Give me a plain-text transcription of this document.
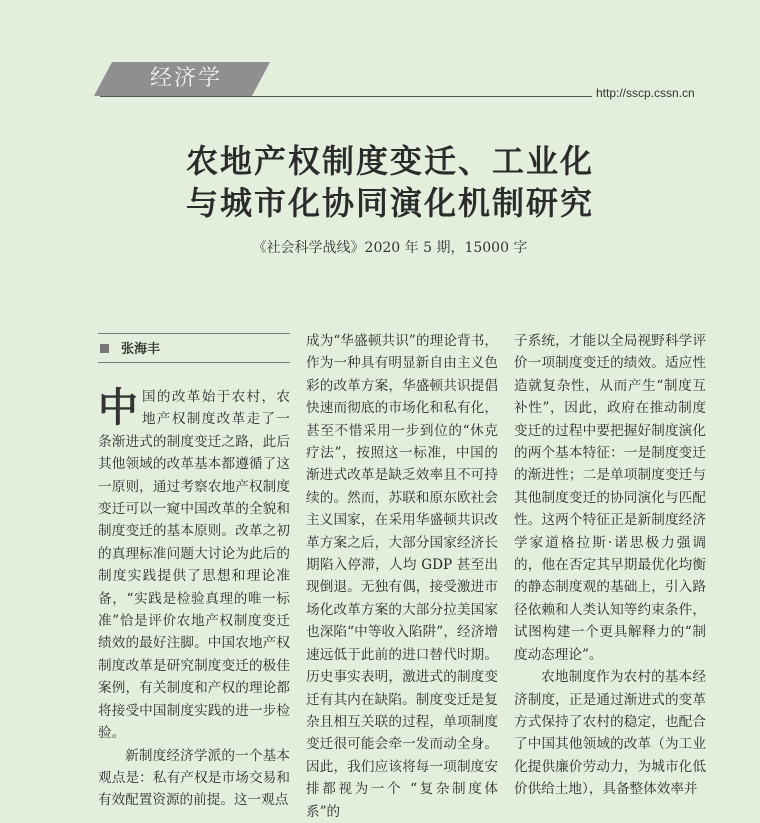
经济学
http://sscp.cssn.cn
农地产权制度变迁、工业化
与城市化协同演化机制研究
《社会科学战线》2020 年 5 期，15000 字
张海丰

中国的改革始于农村，农地产权制度改革走了一条渐进式的制度变迁之路，此后其他领域的改革基本都遵循了这一原则，通过考察农地产权制度变迁可以一窥中国改革的全貌和制度变迁的基本原则。改革之初的真理标准问题大讨论为此后的制度实践提供了思想和理论准备，“实践是检验真理的唯一标准”恰是评价农地产权制度变迁绩效的最好注脚。中国农地产权制度改革是研究制度变迁的极佳案例，有关制度和产权的理论都将接受中国制度实践的进一步检验。

新制度经济学派的一个基本观点是：私有产权是市场交易和有效配置资源的前提。这一观点

成为“华盛顿共识”的理论背书，作为一种具有明显新自由主义色彩的改革方案，华盛顿共识提倡快速而彻底的市场化和私有化，甚至不惜采用一步到位的“休克疗法”，按照这一标准，中国的渐进式改革是缺乏效率且不可持续的。然而，苏联和原东欧社会主义国家，在采用华盛顿共识改革方案之后，大部分国家经济长期陷入停滞，人均 GDP 甚至出现倒退。无独有偶，接受激进市场化改革方案的大部分拉美国家也深陷“中等收入陷阱”，经济增速远低于此前的进口替代时期。历史事实表明，激进式的制度变迁有其内在缺陷。制度变迁是复杂且相互关联的过程，单项制度变迁很可能会牵一发而动全身。因此，我们应该将每一项制度安排都视为一个 “复杂制度体系”的

子系统，才能以全局视野科学评价一项制度变迁的绩效。适应性造就复杂性，从而产生“制度互补性”，因此，政府在推动制度变迁的过程中要把握好制度演化的两个基本特征：一是制度变迁的渐进性；二是单项制度变迁与其他制度变迁的协同演化与匹配性。这两个特征正是新制度经济学家道格拉斯·诺思极力强调的，他在否定其早期最优化均衡的静态制度观的基础上，引入路径依赖和人类认知等约束条件，试图构建一个更具解释力的“制度动态理论”。

农地制度作为农村的基本经济制度，正是通过渐进式的变革方式保持了农村的稳定，也配合了中国其他领域的改革（为工业化提供廉价劳动力，为城市化低价供给土地），具备整体效率并
